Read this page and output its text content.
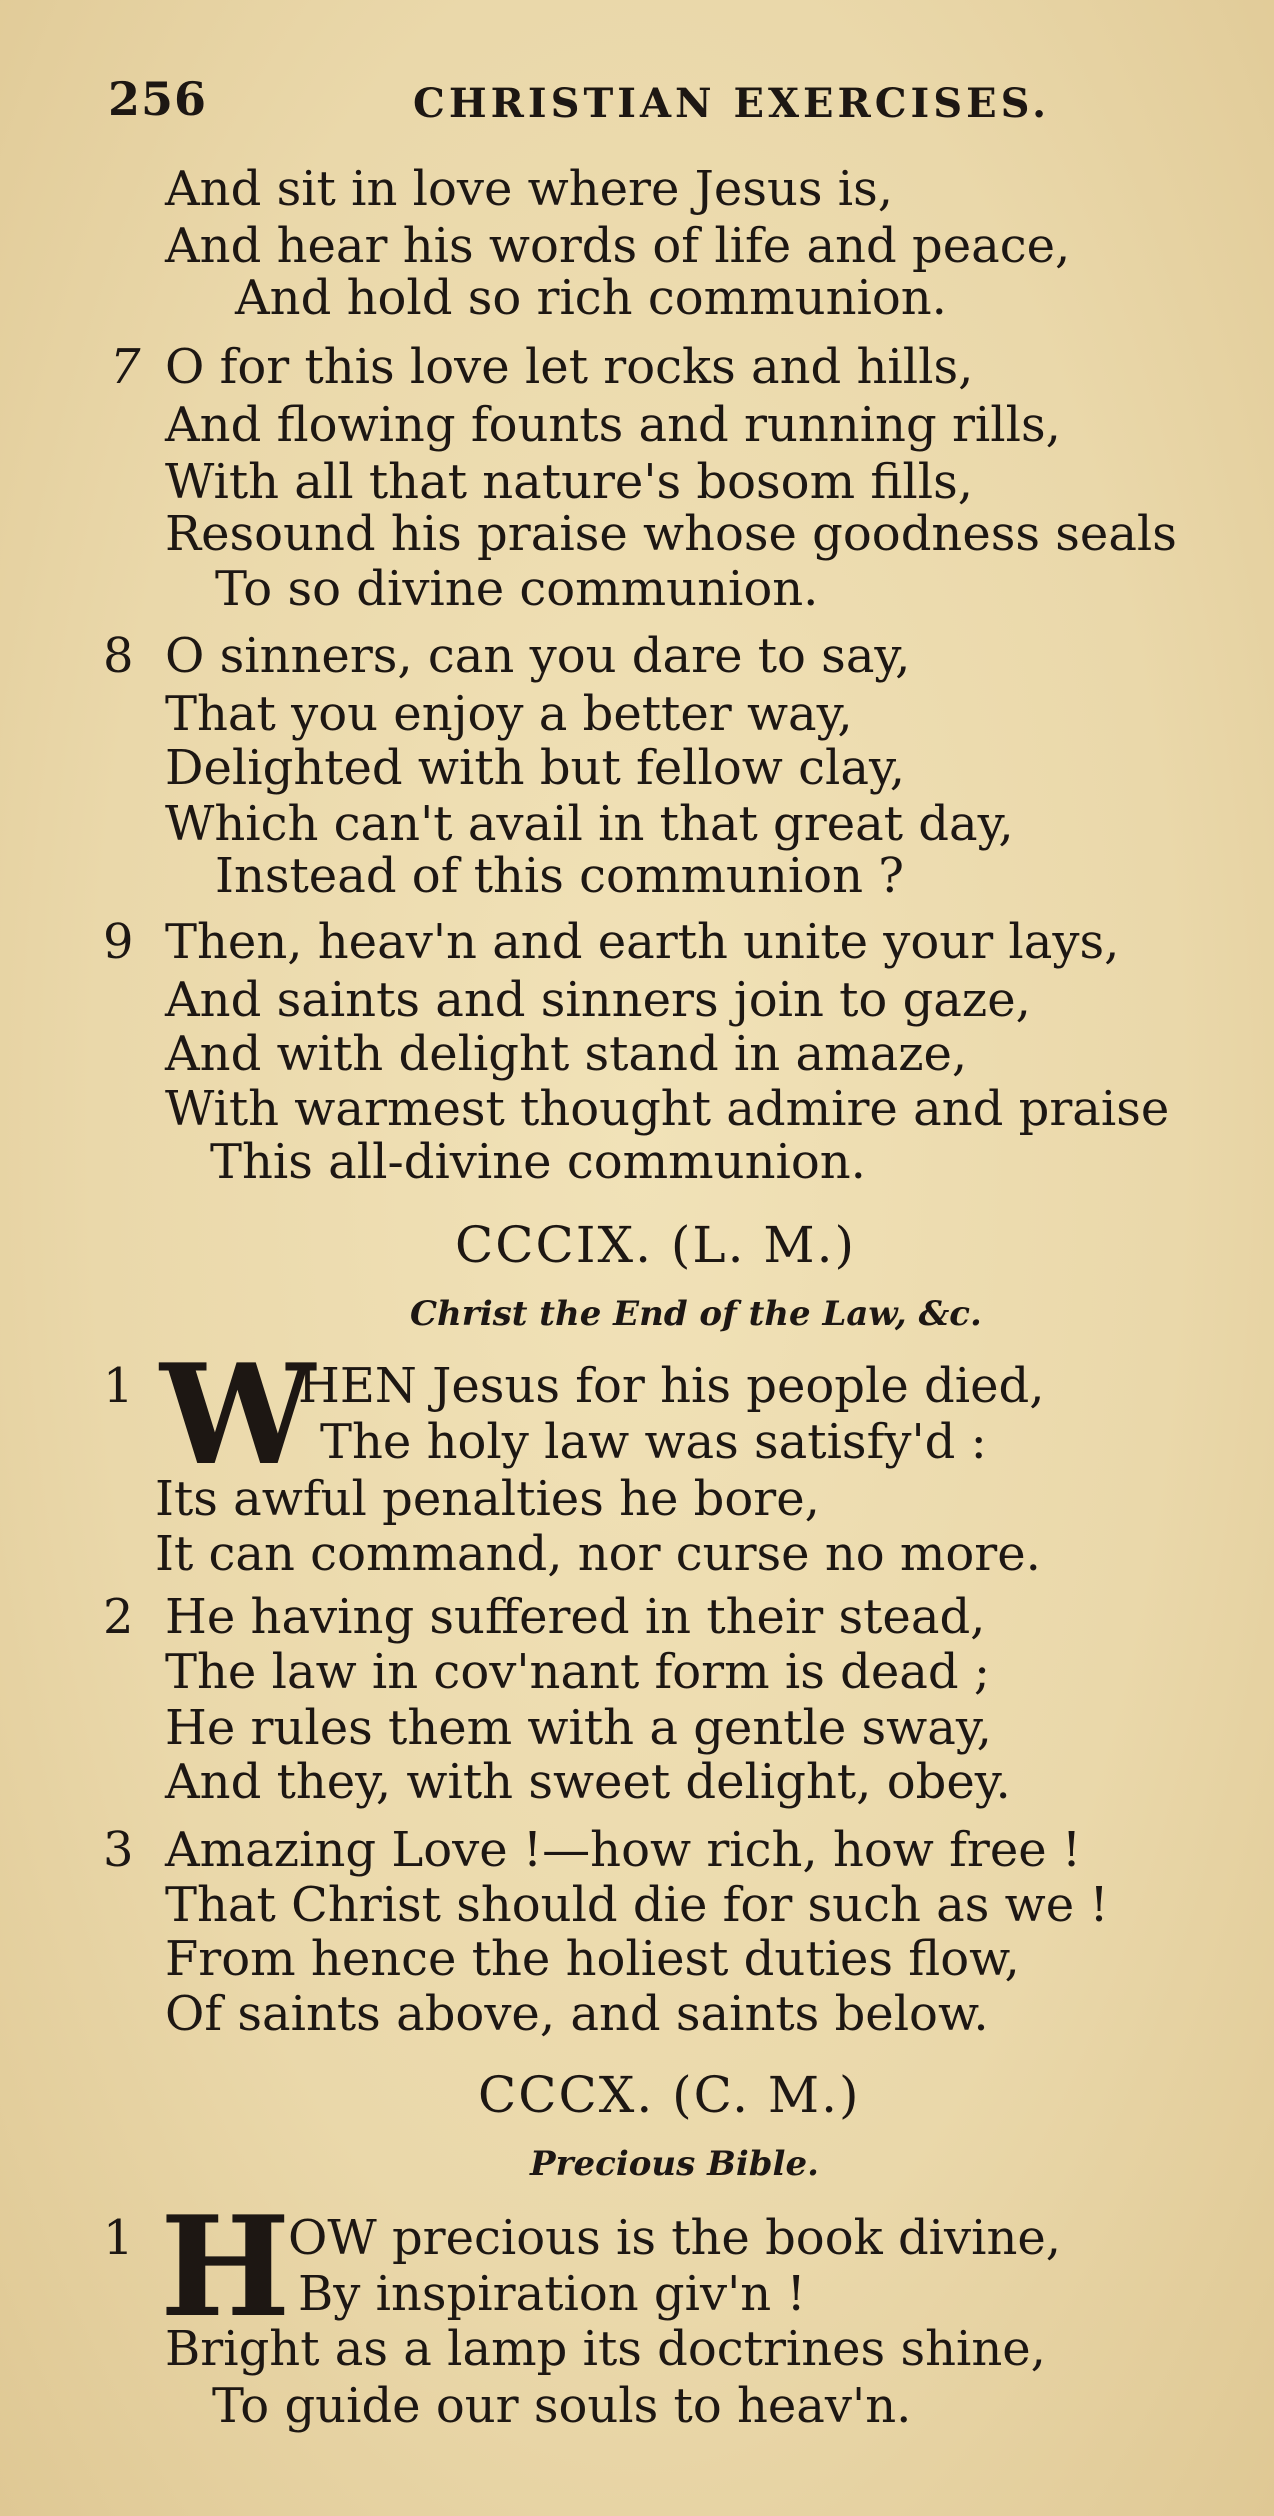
256	CHRISTIAN EXERCISES.
And sit in love where Jesus is,
And hear his words of life and peace,
And hold so rich communion.
7 O for this love let rocks and hills,
And flowing founts and running rills,
With all that nature's bosom fills,
Resound his praise whose goodness seals
To so divine communion.
8 O sinners, can you dare to say,
That you enjoy a better way,
Delighted with but fellow clay,
Which can't avail in that great day,
Instead of this communion ?
9 Then, heav'n and earth unite your lays,
And saints and sinners join to gaze,
And with delight stand in amaze,
With warmest thought admire and praise
This all-divine communion.
CCCIX. (L. M.)
Christ the End of the Law, &c.
1 W
HEN Jesus for his people died,
The holy law was satisfy'd :
Its awful penalties he bore,
It can command, nor curse no more.
2 He having suffered in their stead,
The law in cov'nant form is dead ;
He rules them with a gentle sway,
And they, with sweet delight, obey.
3 Amazing Love !—how rich, how free !
That Christ should die for such as we !
From hence the holiest duties flow,
Of saints above, and saints below.
CCCX. (C. M.)
Precious Bible.
1 H
OW precious is the book divine,
By inspiration giv'n !
Bright as a lamp its doctrines shine,
To guide our souls to heav'n.
